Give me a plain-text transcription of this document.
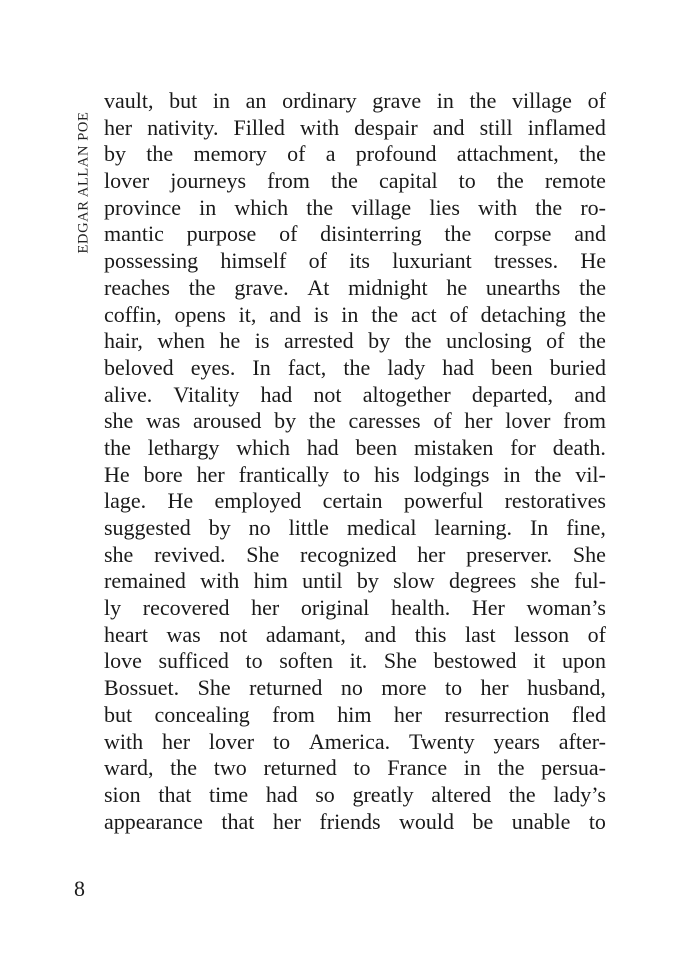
EDGAR ALLAN POE
vault, but in an ordinary grave in the village of
her nativity. Filled with despair and still inflamed
by the memory of a profound attachment, the
lover journeys from the capital to the remote
province in which the village lies with the ro-
mantic purpose of disinterring the corpse and
possessing himself of its luxuriant tresses. He
reaches the grave. At midnight he unearths the
coffin, opens it, and is in the act of detaching the
hair, when he is arrested by the unclosing of the
beloved eyes. In fact, the lady had been buried
alive. Vitality had not altogether departed, and
she was aroused by the caresses of her lover from
the lethargy which had been mistaken for death.
He bore her frantically to his lodgings in the vil-
lage. He employed certain powerful restoratives
suggested by no little medical learning. In fine,
she revived. She recognized her preserver. She
remained with him until by slow degrees she ful-
ly recovered her original health. Her woman’s
heart was not adamant, and this last lesson of
love sufficed to soften it. She bestowed it upon
Bossuet. She returned no more to her husband,
but concealing from him her resurrection fled
with her lover to America. Twenty years after-
ward, the two returned to France in the persua-
sion that time had so greatly altered the lady’s
appearance that her friends would be unable to
8
